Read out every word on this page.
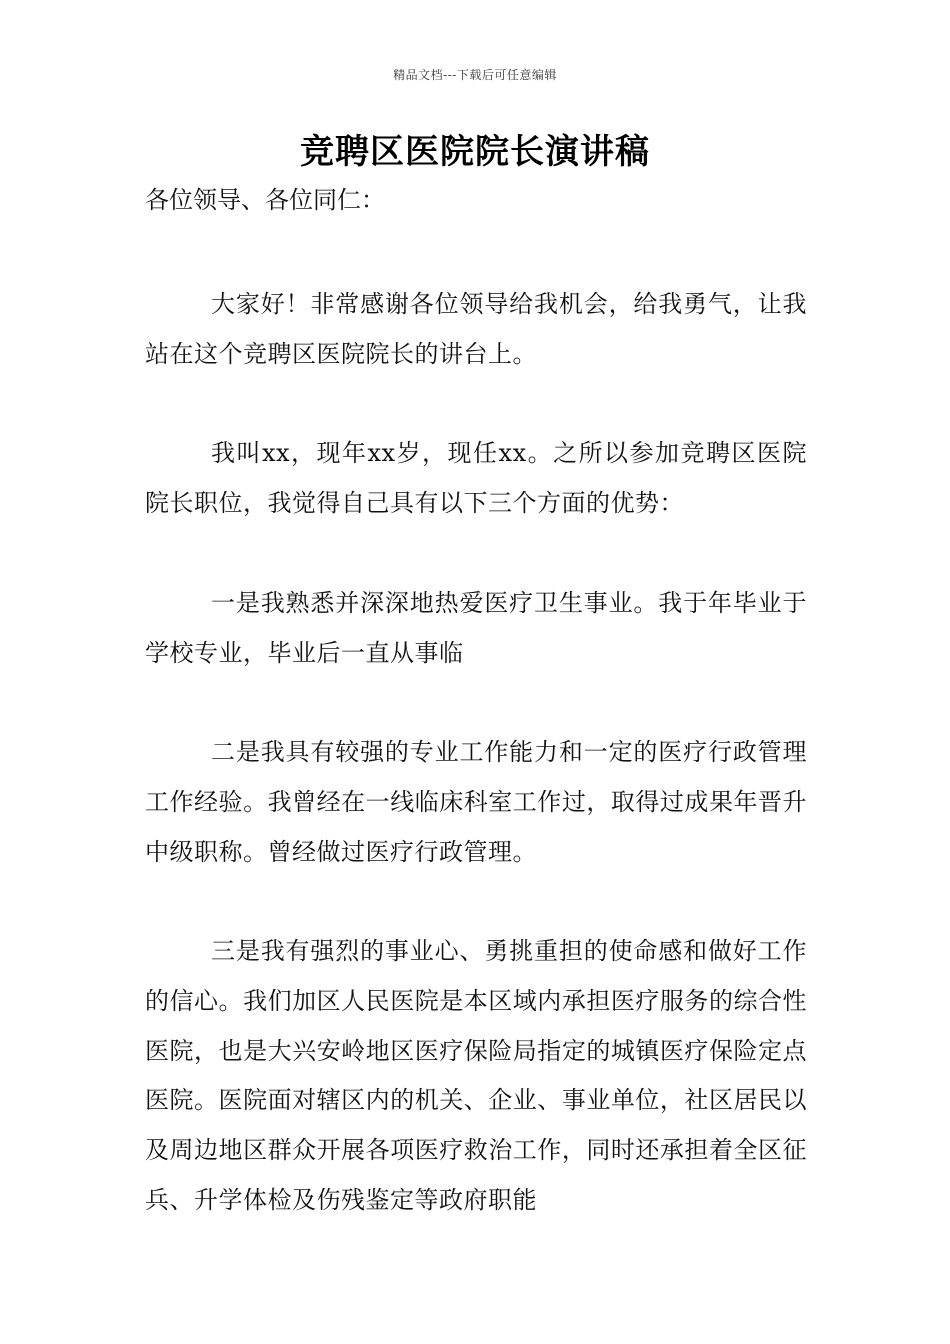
精品文档---下载后可任意编辑
竞聘区医院院长演讲稿
各位领导、各位同仁：

大家好！非常感谢各位领导给我机会，给我勇气，让我站在这个竞聘区医院院长的讲台上。

我叫xx，现年xx岁，现任xx。之所以参加竞聘区医院院长职位，我觉得自己具有以下三个方面的优势：

一是我熟悉并深深地热爱医疗卫生事业。我于年毕业于学校专业，毕业后一直从事临

二是我具有较强的专业工作能力和一定的医疗行政管理工作经验。我曾经在一线临床科室工作过，取得过成果年晋升中级职称。曾经做过医疗行政管理。

三是我有强烈的事业心、勇挑重担的使命感和做好工作的信心。我们加区人民医院是本区域内承担医疗服务的综合性医院，也是大兴安岭地区医疗保险局指定的城镇医疗保险定点医院。医院面对辖区内的机关、企业、事业单位，社区居民以及周边地区群众开展各项医疗救治工作，同时还承担着全区征兵、升学体检及伤残鉴定等政府职能
